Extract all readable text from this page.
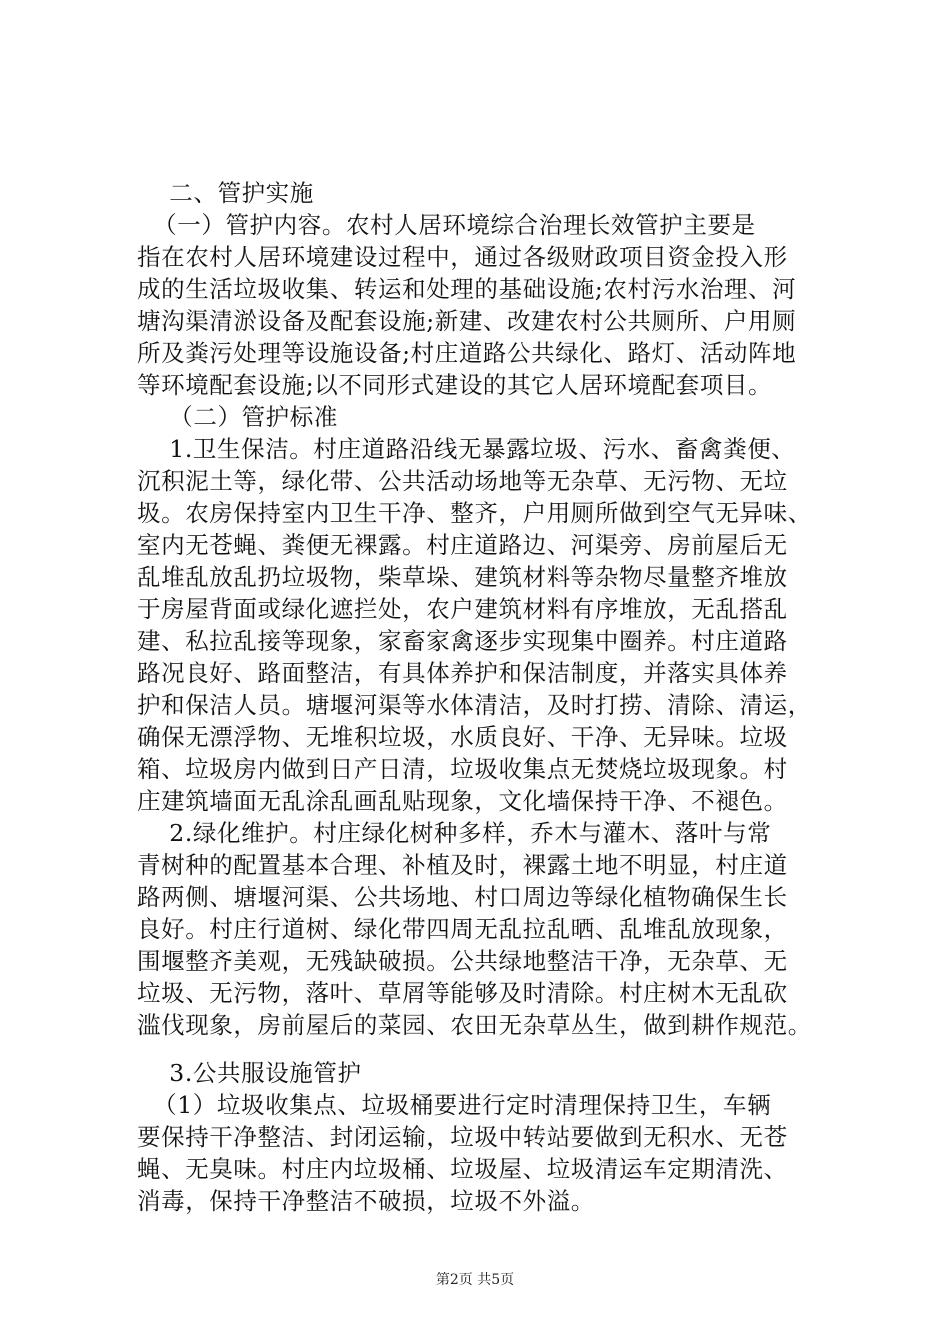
二、管护实施
（一）管护内容。农村人居环境综合治理长效管护主要是
指在农村人居环境建设过程中，通过各级财政项目资金投入形
成的生活垃圾收集、转运和处理的基础设施;农村污水治理、河
塘沟渠清淤设备及配套设施;新建、改建农村公共厕所、户用厕
所及粪污处理等设施设备;村庄道路公共绿化、路灯、活动阵地
等环境配套设施;以不同形式建设的其它人居环境配套项目。
（二）管护标准
1.卫生保洁。村庄道路沿线无暴露垃圾、污水、畜禽粪便、
沉积泥土等，绿化带、公共活动场地等无杂草、无污物、无垃
圾。农房保持室内卫生干净、整齐，户用厕所做到空气无异味、
室内无苍蝇、粪便无裸露。村庄道路边、河渠旁、房前屋后无
乱堆乱放乱扔垃圾物，柴草垛、建筑材料等杂物尽量整齐堆放
于房屋背面或绿化遮拦处，农户建筑材料有序堆放，无乱搭乱
建、私拉乱接等现象，家畜家禽逐步实现集中圈养。村庄道路
路况良好、路面整洁，有具体养护和保洁制度，并落实具体养
护和保洁人员。塘堰河渠等水体清洁，及时打捞、清除、清运，
确保无漂浮物、无堆积垃圾，水质良好、干净、无异味。垃圾
箱、垃圾房内做到日产日清，垃圾收集点无焚烧垃圾现象。村
庄建筑墙面无乱涂乱画乱贴现象，文化墙保持干净、不褪色。
2.绿化维护。村庄绿化树种多样，乔木与灌木、落叶与常
青树种的配置基本合理、补植及时，裸露土地不明显，村庄道
路两侧、塘堰河渠、公共场地、村口周边等绿化植物确保生长
良好。村庄行道树、绿化带四周无乱拉乱晒、乱堆乱放现象，
围堰整齐美观，无残缺破损。公共绿地整洁干净，无杂草、无
垃圾、无污物，落叶、草屑等能够及时清除。村庄树木无乱砍
滥伐现象，房前屋后的菜园、农田无杂草丛生，做到耕作规范。
3.公共服设施管护
（1）垃圾收集点、垃圾桶要进行定时清理保持卫生，车辆
要保持干净整洁、封闭运输，垃圾中转站要做到无积水、无苍
蝇、无臭味。村庄内垃圾桶、垃圾屋、垃圾清运车定期清洗、
消毒，保持干净整洁不破损，垃圾不外溢。
第2页 共5页
